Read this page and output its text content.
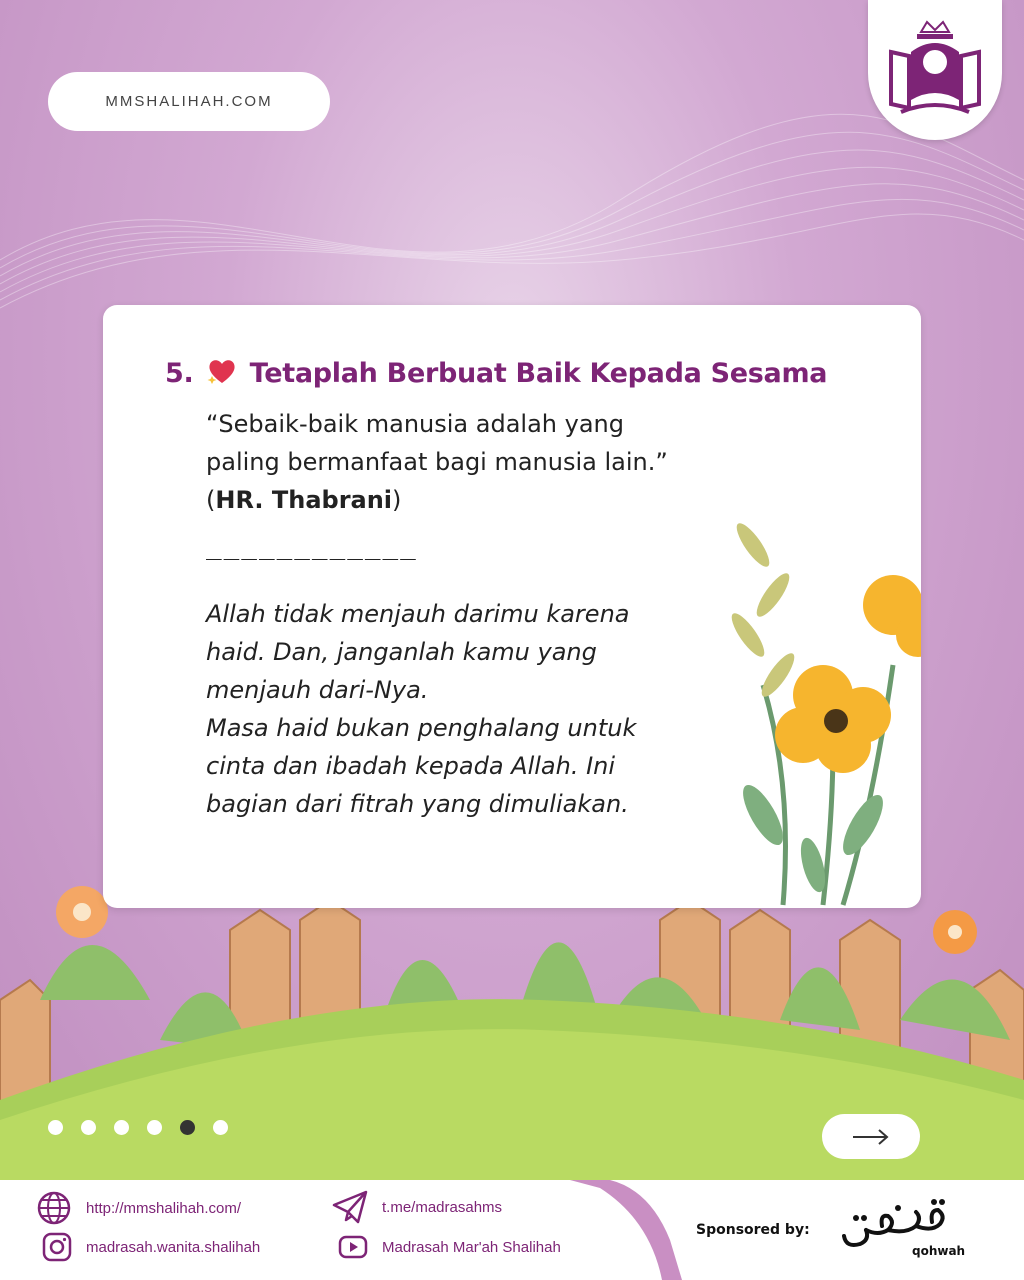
MMSHALIHAH.COM
5. Tetaplah Berbuat Baik Kepada Sesama
“Sebaik-baik manusia adalah yang
paling bermanfaat bagi manusia lain.”
(HR. Thabrani)
____________
Allah tidak menjauh darimu karena
haid. Dan, janganlah kamu yang
menjauh dari-Nya.
Masa haid bukan penghalang untuk
cinta dan ibadah kepada Allah. Ini
bagian dari fitrah yang dimuliakan.
http://mmshalihah.com/
madrasah.wanita.shalihah
t.me/madrasahms
Madrasah Mar'ah Shalihah
Sponsored by:
qohwah
